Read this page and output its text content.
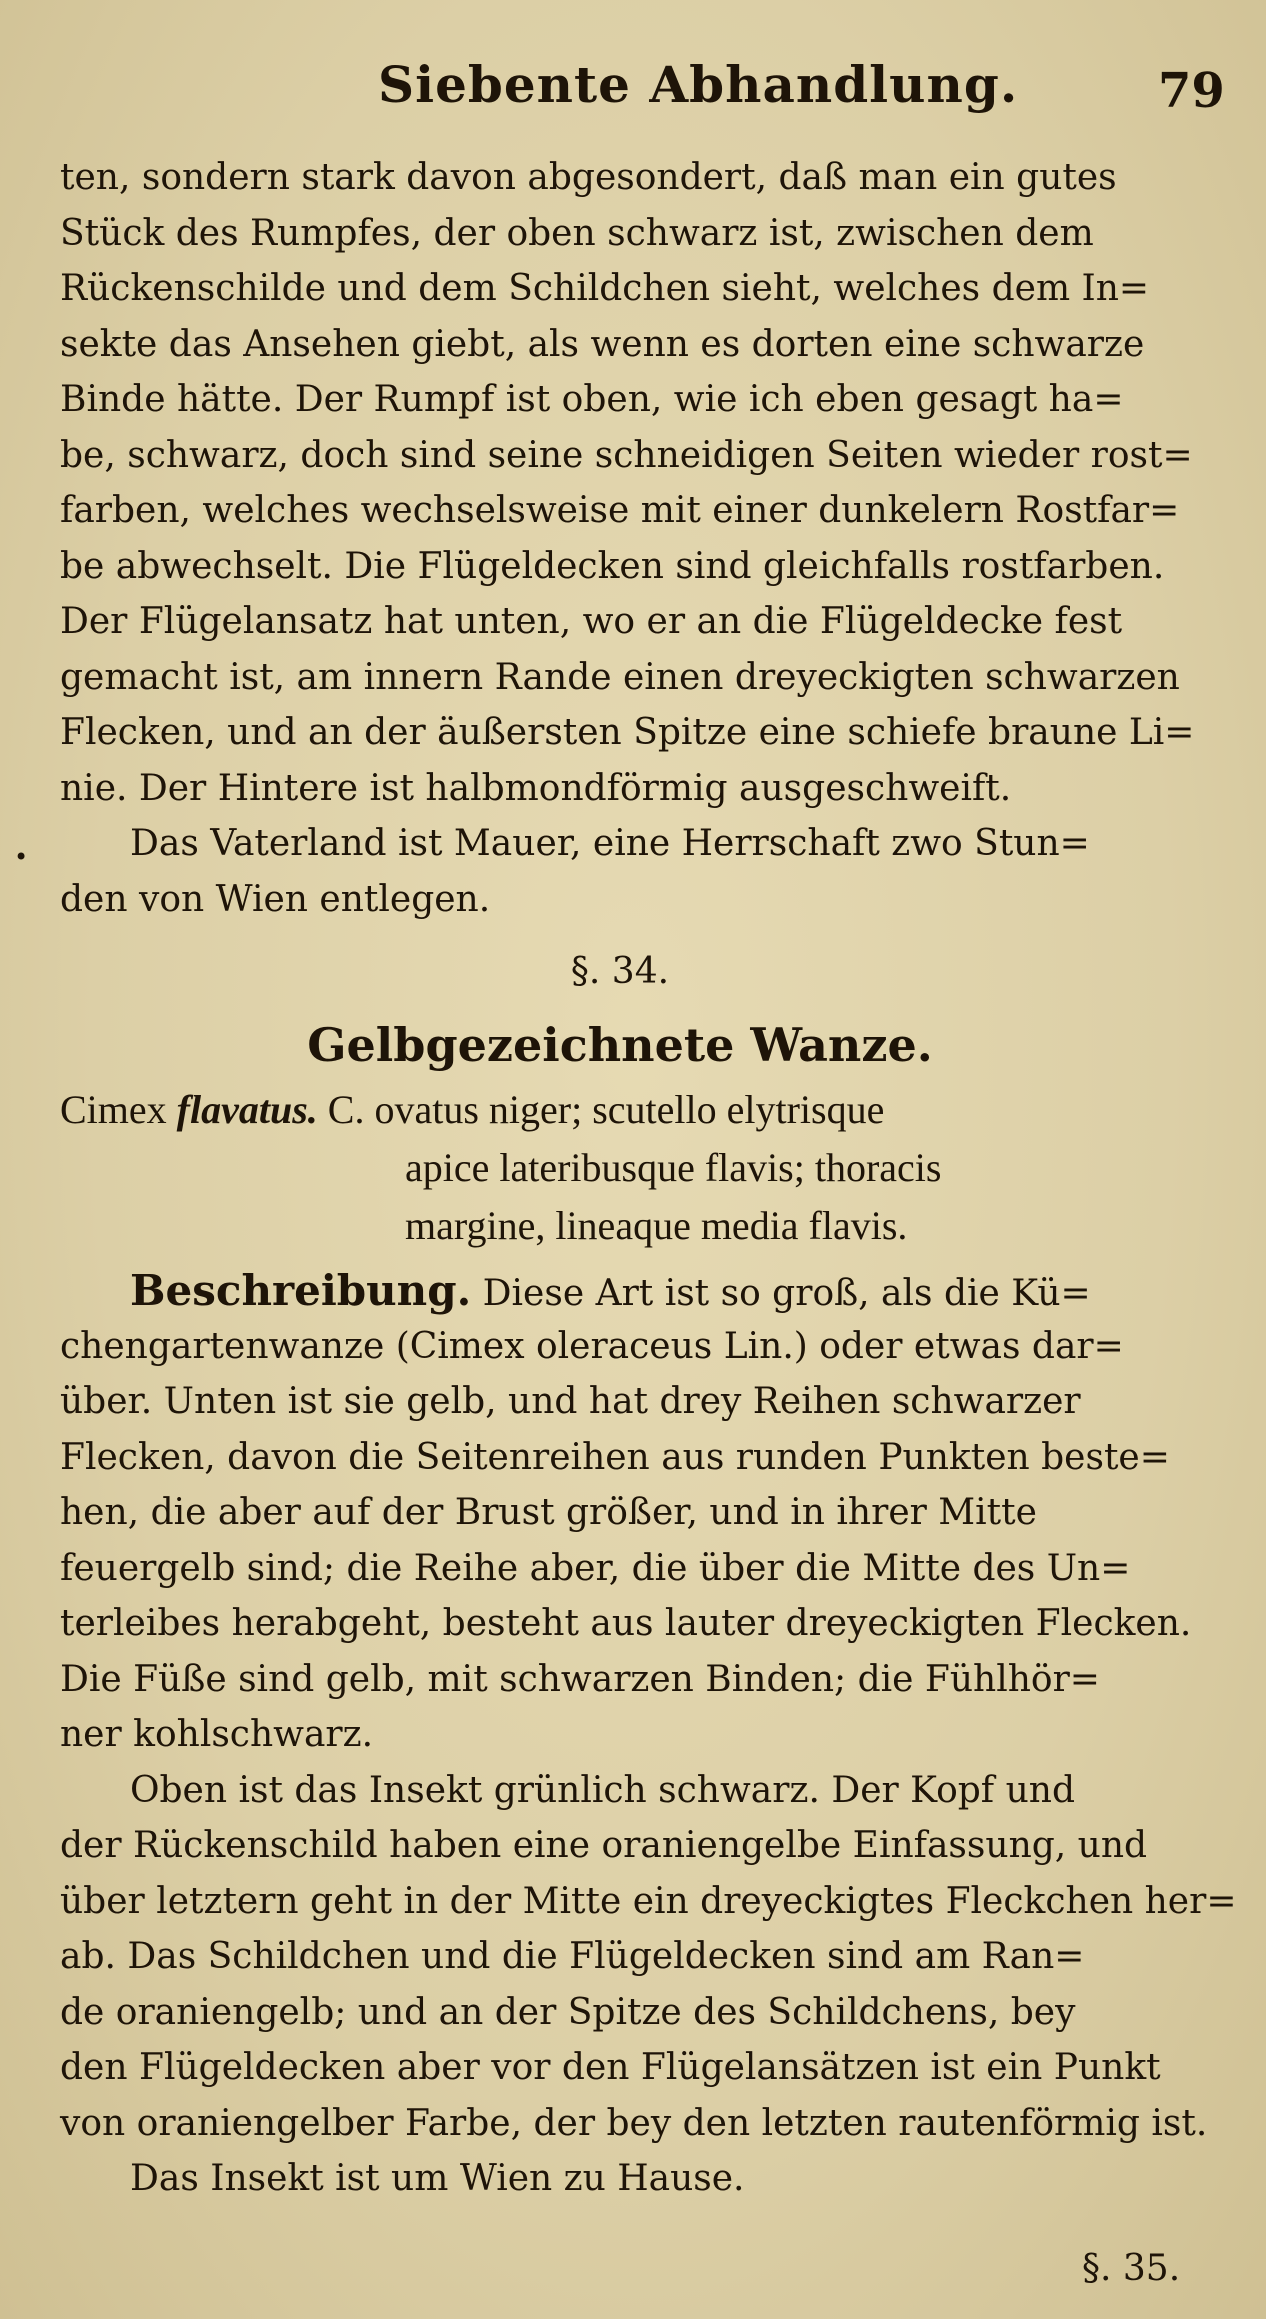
Siebente Abhandlung.	79
•
ten, sondern stark davon abgesondert, daß man ein gutes
Stück des Rumpfes, der oben schwarz ist, zwischen dem
Rückenschilde und dem Schildchen sieht, welches dem In=
sekte das Ansehen giebt, als wenn es dorten eine schwarze
Binde hätte. Der Rumpf ist oben, wie ich eben gesagt ha=
be, schwarz, doch sind seine schneidigen Seiten wieder rost=
farben, welches wechselsweise mit einer dunkelern Rostfar=
be abwechselt. Die Flügeldecken sind gleichfalls rostfarben.
Der Flügelansatz hat unten, wo er an die Flügeldecke fest
gemacht ist, am innern Rande einen dreyeckigten schwarzen
Flecken, und an der äußersten Spitze eine schiefe braune Li=
nie. Der Hintere ist halbmondförmig ausgeschweift.
Das Vaterland ist Mauer, eine Herrschaft zwo Stun=
den von Wien entlegen.
§. 34.
Gelbgezeichnete Wanze.
Cimex flavatus. C. ovatus niger; scutello elytrisque
apice lateribusque flavis; thoracis
margine, lineaque media flavis.
Beschreibung. Diese Art ist so groß, als die Kü=
chengartenwanze (Cimex oleraceus Lin.) oder etwas dar=
über. Unten ist sie gelb, und hat drey Reihen schwarzer
Flecken, davon die Seitenreihen aus runden Punkten beste=
hen, die aber auf der Brust größer, und in ihrer Mitte
feuergelb sind; die Reihe aber, die über die Mitte des Un=
terleibes herabgeht, besteht aus lauter dreyeckigten Flecken.
Die Füße sind gelb, mit schwarzen Binden; die Fühlhör=
ner kohlschwarz.
Oben ist das Insekt grünlich schwarz. Der Kopf und
der Rückenschild haben eine oraniengelbe Einfassung, und
über letztern geht in der Mitte ein dreyeckigtes Fleckchen her=
ab. Das Schildchen und die Flügeldecken sind am Ran=
de oraniengelb; und an der Spitze des Schildchens, bey
den Flügeldecken aber vor den Flügelansätzen ist ein Punkt
von oraniengelber Farbe, der bey den letzten rautenförmig ist.
Das Insekt ist um Wien zu Hause.
§. 35.
